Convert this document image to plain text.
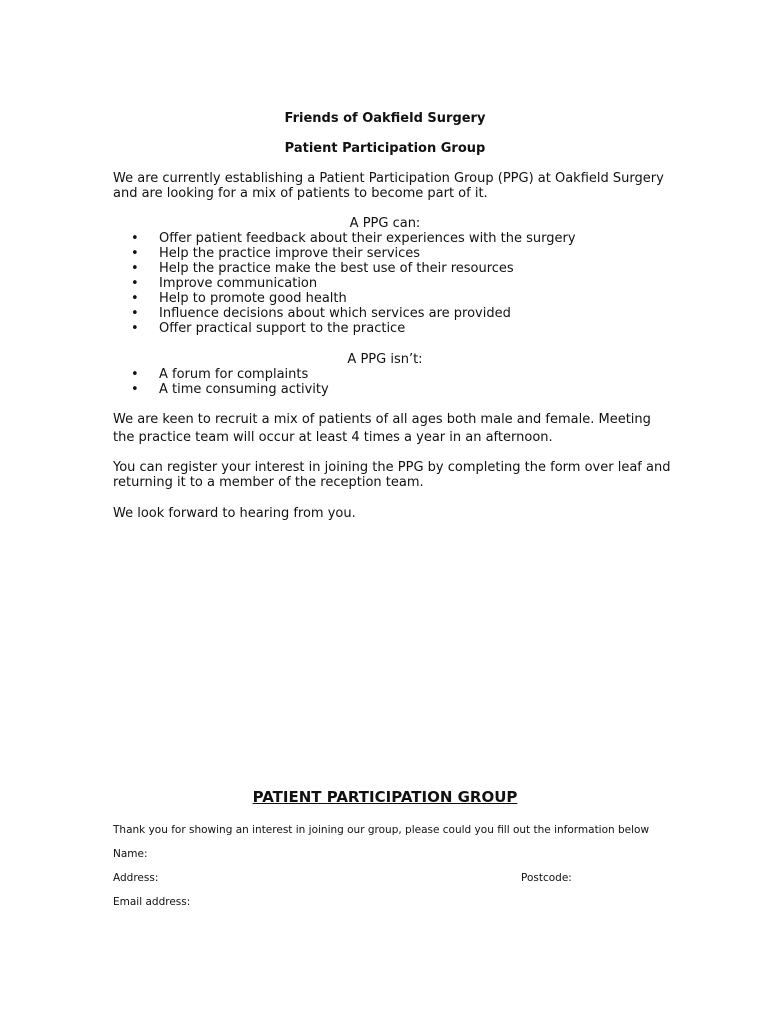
Friends of Oakfield Surgery
Patient Participation Group
We are currently establishing a Patient Participation Group (PPG) at Oakfield Surgery
and are looking for a mix of patients to become part of it.
A PPG can:
• Offer patient feedback about their experiences with the surgery
• Help the practice improve their services
• Help the practice make the best use of their resources
• Improve communication
• Help to promote good health
• Influence decisions about which services are provided
• Offer practical support to the practice
A PPG isn’t:
• A forum for complaints
• A time consuming activity
We are keen to recruit a mix of patients of all ages both male and female. Meeting
the practice team will occur at least 4 times a year in an afternoon.
You can register your interest in joining the PPG by completing the form over leaf and
returning it to a member of the reception team.
We look forward to hearing from you.
PATIENT PARTICIPATION GROUP
Thank you for showing an interest in joining our group, please could you fill out the information below
Name:
Address:	Postcode:
Email address:
